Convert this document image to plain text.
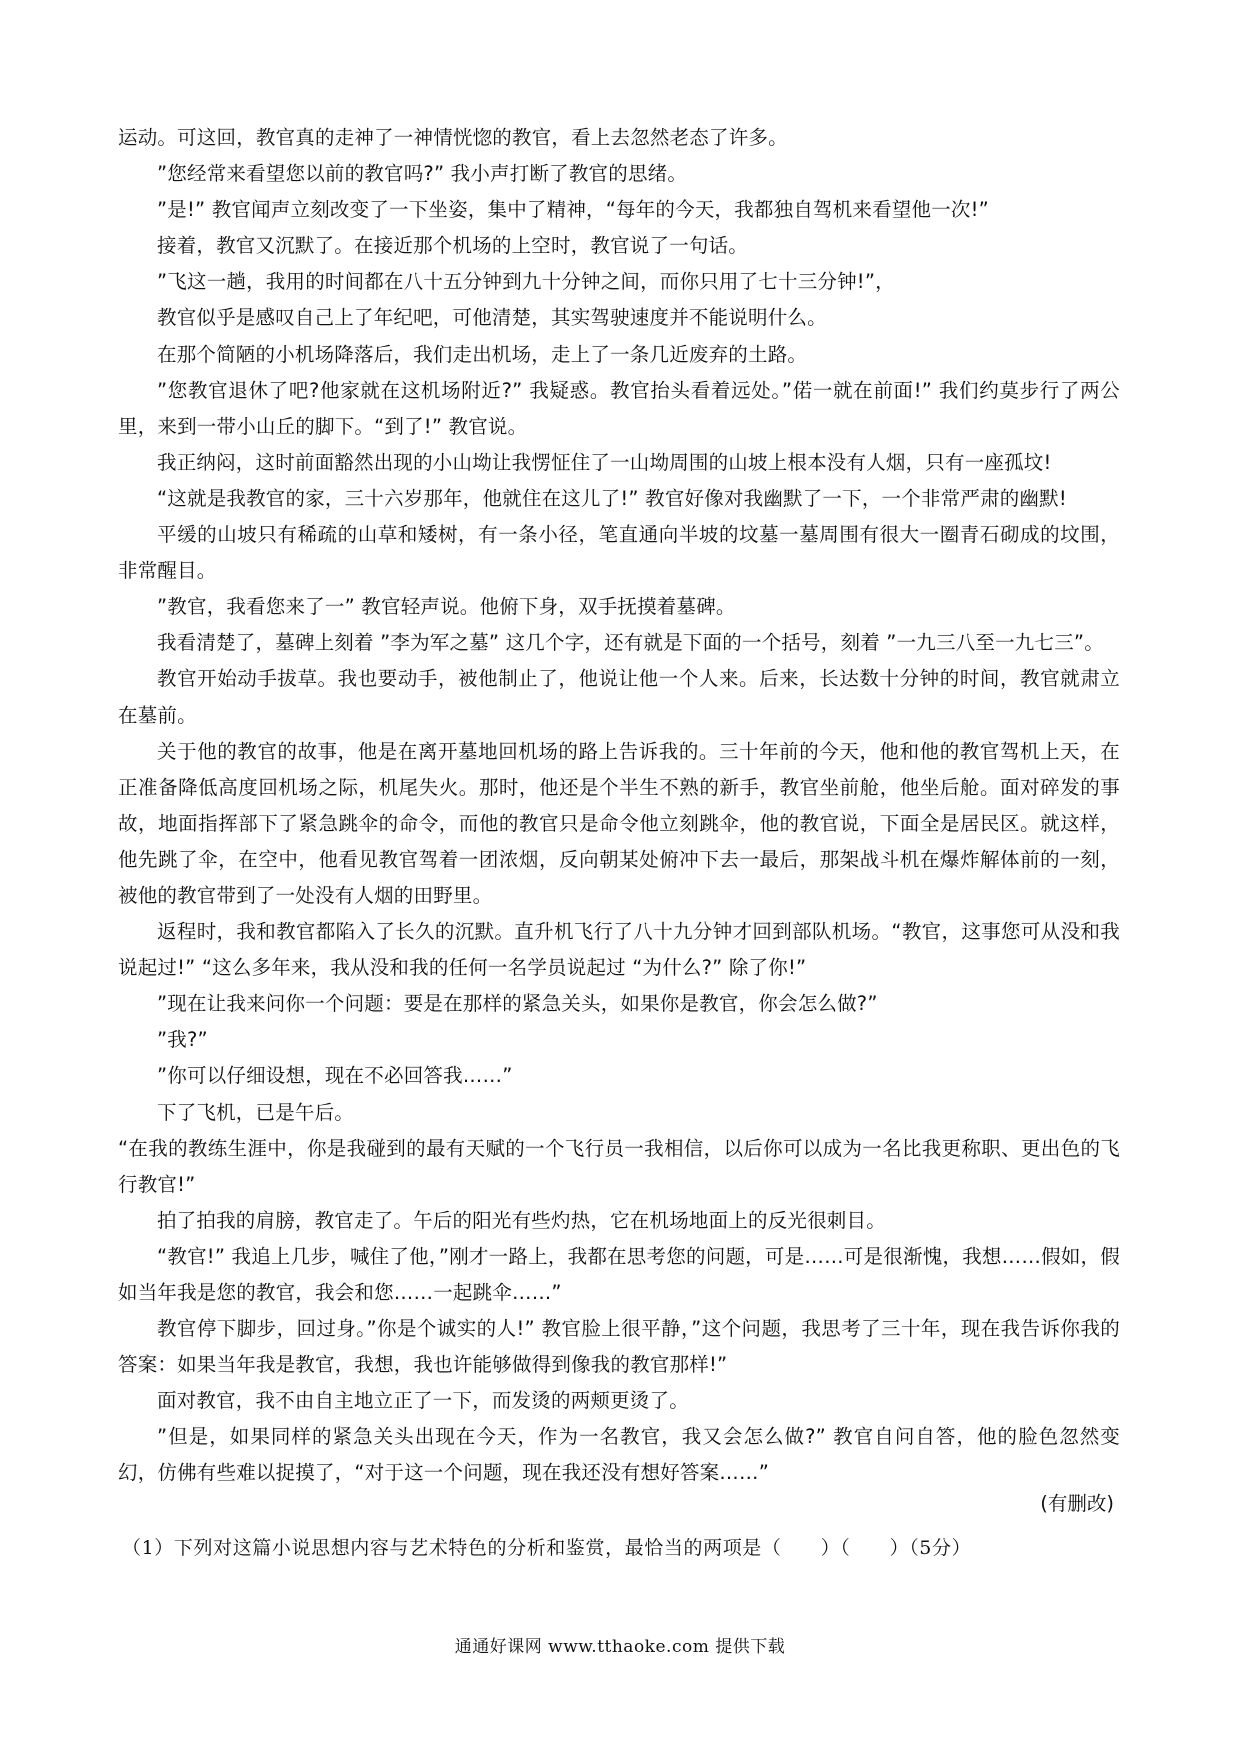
运动。可这回，教官真的走神了一神情恍惚的教官，看上去忽然老态了许多。

”您经常来看望您以前的教官吗?” 我小声打断了教官的思绪。

”是!” 教官闻声立刻改变了一下坐姿，集中了精神，“每年的今天，我都独自驾机来看望他一次!”

接着，教官又沉默了。在接近那个机场的上空时，教官说了一句话。

”飞这一趟，我用的时间都在八十五分钟到九十分钟之间，而你只用了七十三分钟!”，

教官似乎是感叹自己上了年纪吧，可他清楚，其实驾驶速度并不能说明什么。

在那个简陋的小机场降落后，我们走出机场，走上了一条几近废弃的土路。

”您教官退休了吧?他家就在这机场附近?” 我疑惑。教官抬头看着远处。”偌一就在前面!” 我们约莫步行了两公里，来到一带小山丘的脚下。“到了!” 教官说。

我正纳闷，这时前面豁然出现的小山坳让我愣怔住了一山坳周围的山坡上根本没有人烟，只有一座孤坟!

“这就是我教官的家，三十六岁那年，他就住在这儿了!” 教官好像对我幽默了一下，一个非常严肃的幽默!

平缓的山坡只有稀疏的山草和矮树，有一条小径，笔直通向半坡的坟墓一墓周围有很大一圈青石砌成的坟围，非常醒目。

”教官，我看您来了一” 教官轻声说。他俯下身，双手抚摸着墓碑。

我看清楚了，墓碑上刻着 ”李为军之墓” 这几个字，还有就是下面的一个括号，刻着 ”一九三八至一九七三”。

教官开始动手拔草。我也要动手，被他制止了，他说让他一个人来。后来，长达数十分钟的时间，教官就肃立在墓前。

关于他的教官的故事，他是在离开墓地回机场的路上告诉我的。三十年前的今天，他和他的教官驾机上天，在正准备降低高度回机场之际，机尾失火。那时，他还是个半生不熟的新手，教官坐前舱，他坐后舱。面对碎发的事故，地面指挥部下了紧急跳伞的命令，而他的教官只是命令他立刻跳伞，他的教官说，下面全是居民区。就这样，他先跳了伞，在空中，他看见教官驾着一团浓烟，反向朝某处俯冲下去一最后，那架战斗机在爆炸解体前的一刻，被他的教官带到了一处没有人烟的田野里。

返程时，我和教官都陷入了长久的沉默。直升机飞行了八十九分钟才回到部队机场。“教官，这事您可从没和我说起过!” “这么多年来，我从没和我的任何一名学员说起过 “为什么?” 除了你!”

”现在让我来问你一个问题：要是在那样的紧急关头，如果你是教官，你会怎么做?”

”我?”

”你可以仔细设想，现在不必回答我……”

下了飞机，已是午后。

“在我的教练生涯中，你是我碰到的最有天赋的一个飞行员一我相信，以后你可以成为一名比我更称职、更出色的飞行教官!”

拍了拍我的肩膀，教官走了。午后的阳光有些灼热，它在机场地面上的反光很刺目。

“教官!” 我追上几步，喊住了他，”刚才一路上，我都在思考您的问题，可是……可是很渐愧，我想……假如，假如当年我是您的教官，我会和您……一起跳伞……”

教官停下脚步，回过身。”你是个诚实的人!” 教官脸上很平静，”这个问题，我思考了三十年，现在我告诉你我的答案：如果当年我是教官，我想，我也许能够做得到像我的教官那样!”

面对教官，我不由自主地立正了一下，而发烫的两颊更烫了。

”但是，如果同样的紧急关头出现在今天，作为一名教官，我又会怎么做?” 教官自问自答，他的脸色忽然变幻，仿佛有些难以捉摸了，“对于这一个问题，现在我还没有想好答案……”

(有删改)
（1）下列对这篇小说思想内容与艺术特色的分析和鉴赏，最恰当的两项是（　　）（　　）（5分）
通通好课网 www.tthaoke.com 提供下载
